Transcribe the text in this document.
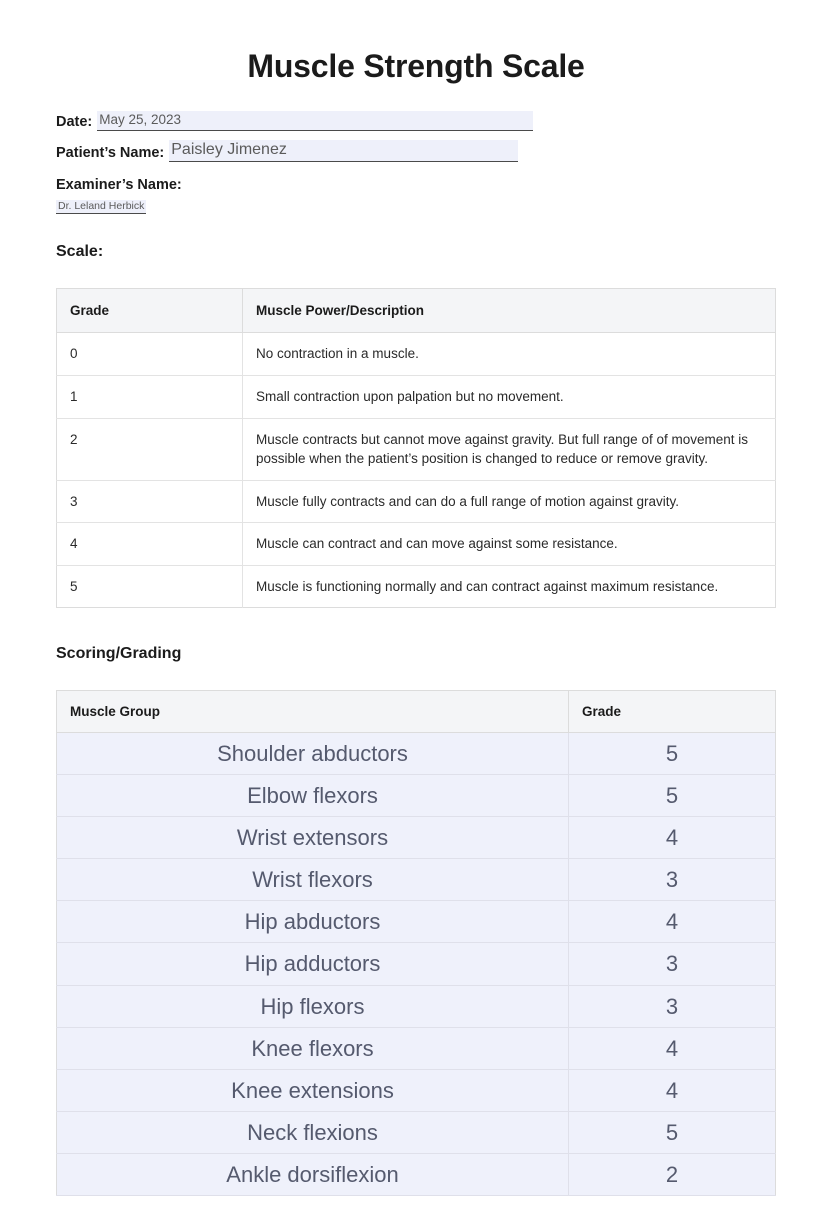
Muscle Strength Scale
Date: May 25, 2023
Patient’s Name: Paisley Jimenez
Examiner’s Name:
Dr. Leland Herbick
Scale:
Grade	Muscle Power/Description
0	No contraction in a muscle.
1	Small contraction upon palpation but no movement.
2	Muscle contracts but cannot move against gravity. But full range of of movement is possible when the patient’s position is changed to reduce or remove gravity.
3	Muscle fully contracts and can do a full range of motion against gravity.
4	Muscle can contract and can move against some resistance.
5	Muscle is functioning normally and can contract against maximum resistance.
Scoring/Grading
Muscle Group	Grade
Shoulder abductors	5
Elbow flexors	5
Wrist extensors	4
Wrist flexors	3
Hip abductors	4
Hip adductors	3
Hip flexors	3
Knee flexors	4
Knee extensions	4
Neck flexions	5
Ankle dorsiflexion	2
